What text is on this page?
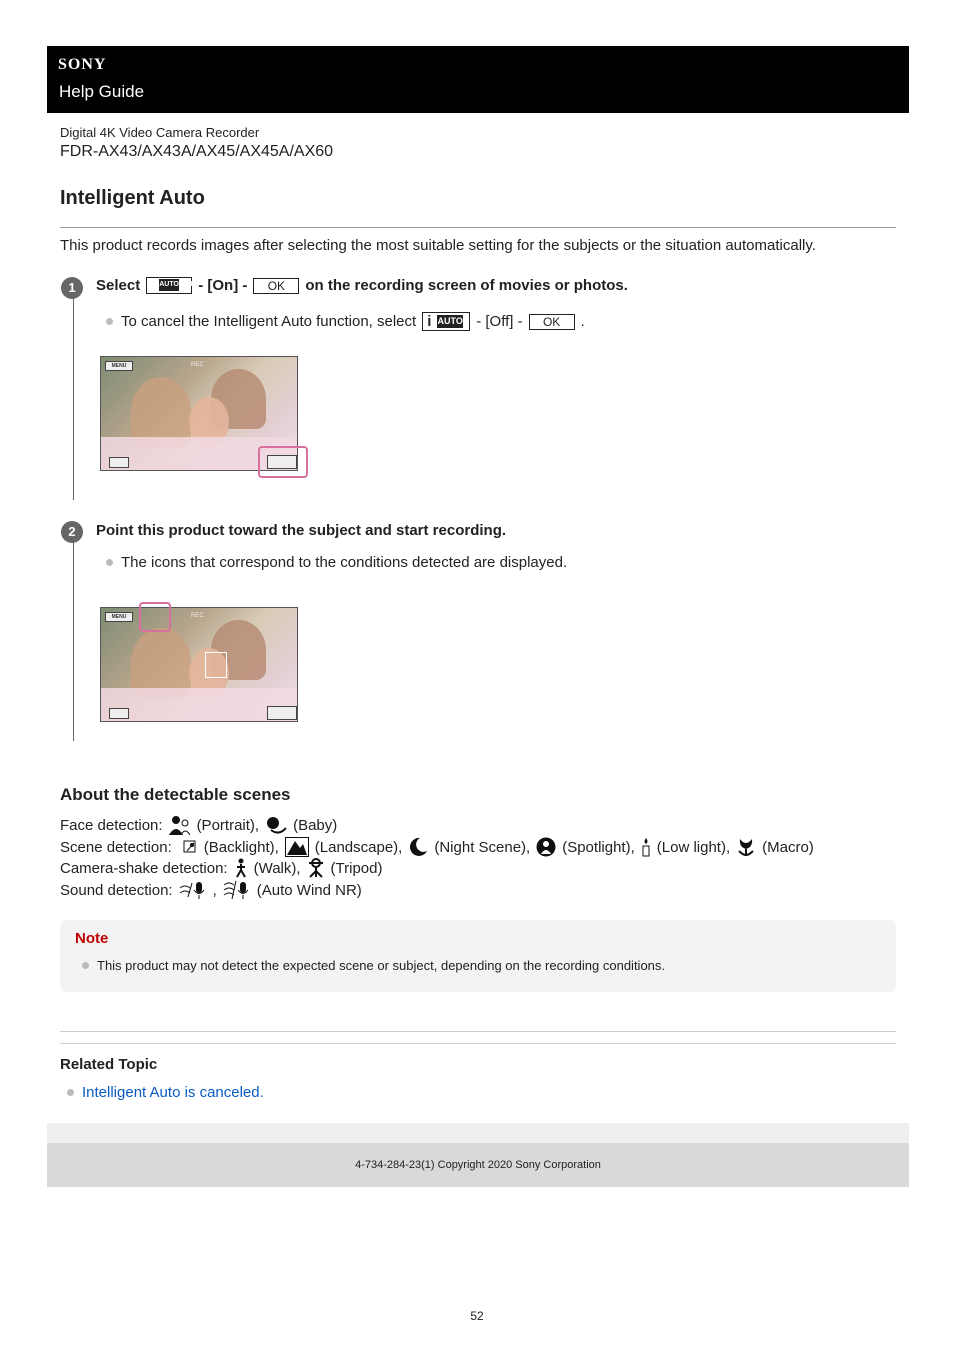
SONY
Help Guide
Digital 4K Video Camera Recorder
FDR-AX43/AX43A/AX45/AX45A/AX60
Intelligent Auto
This product records images after selecting the most suitable setting for the subjects or the situation automatically.
1	Select	AUTO OFF - [On] -	OK	on the recording screen of movies or photos.
To cancel the Intelligent Auto function, select i AUTO - [Off] -	OK	.
MENU	REC
2	Point this product toward the subject and start recording.
The icons that correspond to the conditions detected are displayed.
MENU	REC
About the detectable scenes
Face detection: (Portrait), (Baby)
Scene detection: (Backlight), (Landscape), (Night Scene), (Spotlight), (Low light), (Macro)
Camera-shake detection: (Walk), (Tripod)
Sound detection:	,	(Auto Wind NR)
Note
This product may not detect the expected scene or subject, depending on the recording conditions.
Related Topic
Intelligent Auto is canceled.
4-734-284-23(1) Copyright 2020 Sony Corporation
52
